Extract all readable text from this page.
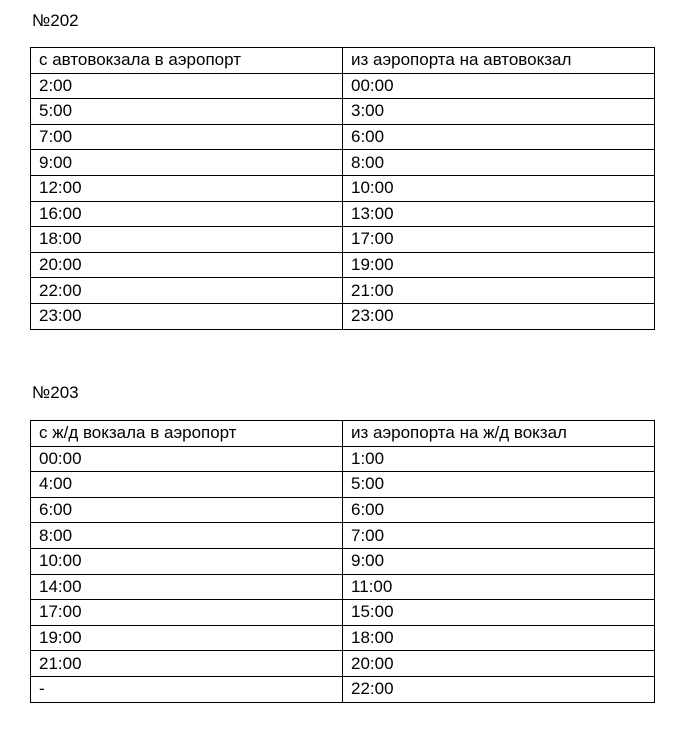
№202
с автовокзала в аэропорт	из аэропорта на автовокзал
2:00	00:00
5:00	3:00
7:00	6:00
9:00	8:00
12:00	10:00
16:00	13:00
18:00	17:00
20:00	19:00
22:00	21:00
23:00	23:00
№203
с ж/д вокзала в аэропорт	из аэропорта на ж/д вокзал
00:00	1:00
4:00	5:00
6:00	6:00
8:00	7:00
10:00	9:00
14:00	11:00
17:00	15:00
19:00	18:00
21:00	20:00
-	22:00
